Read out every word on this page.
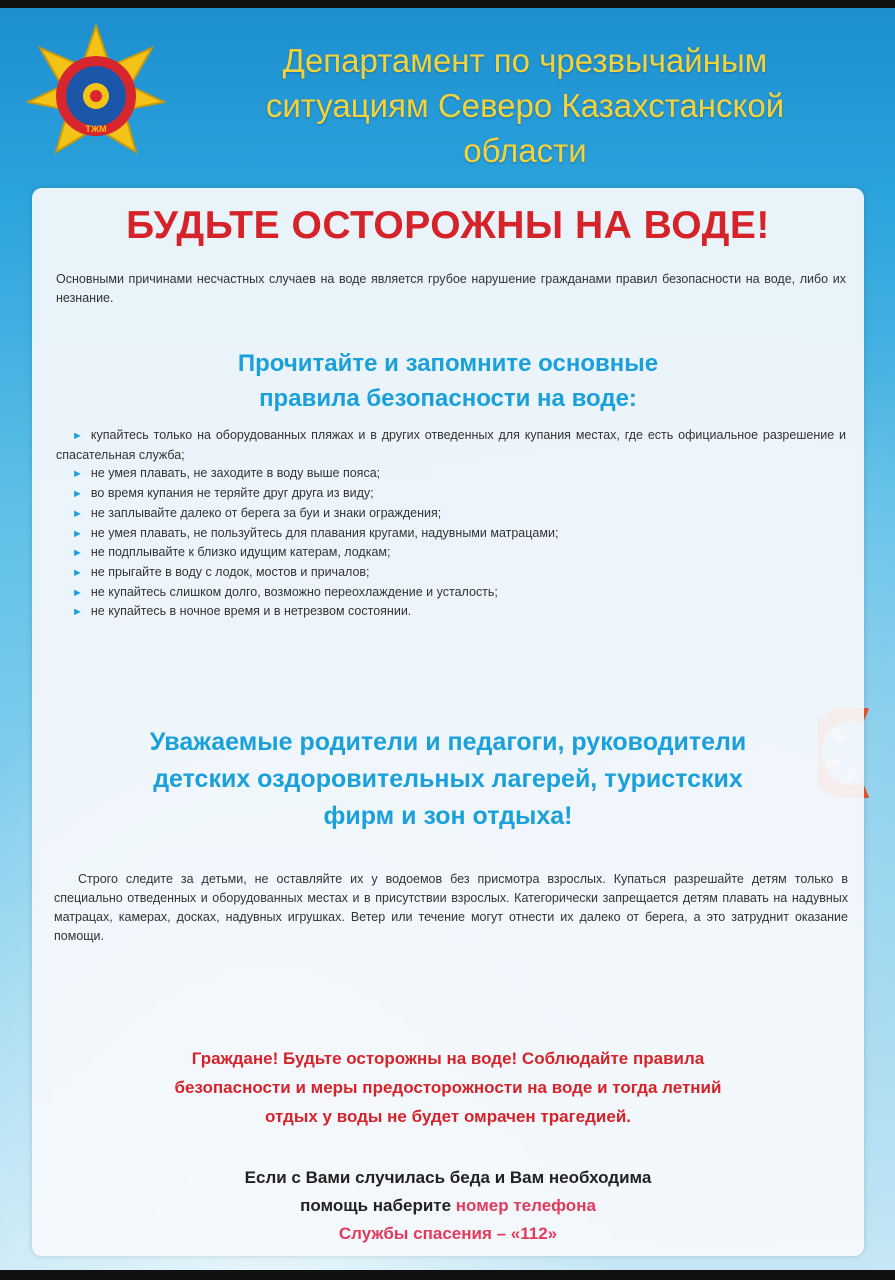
ТЖМ
Департамент по чрезвычайным
ситуациям Северо Казахстанской
области
БУДЬТЕ ОСТОРОЖНЫ НА ВОДЕ!

Основными причинами несчастных случаев на воде является грубое нарушение гражданами правил безопасности на воде, либо их незнание.

Прочитайте и запомните основные
правила безопасности на воде:
► купайтесь только на оборудованных пляжах и в других отведенных для купания местах, где есть официальное разрешение и спасательная служба;
► не умея плавать, не заходите в воду выше пояса;
► во время купания не теряйте друг друга из виду;
► не заплывайте далеко от берега за буи и знаки ограждения;
► не умея плавать, не пользуйтесь для плавания кругами, надувными матрацами;
► не подплывайте к близко идущим катерам, лодкам;
► не прыгайте в воду с лодок, мостов и причалов;
► не купайтесь слишком долго, возможно переохлаждение и усталость;
► не купайтесь в ночное время и в нетрезвом состоянии.
Уважаемые родители и педагоги, руководители
детских оздоровительных лагерей, туристских
фирм и зон отдыха!

Строго следите за детьми, не оставляйте их у водоемов без присмотра взрослых. Купаться разрешайте детям только в специально отведенных и оборудованных местах и в присутствии взрослых. Категорически запрещается детям плавать на надувных матрацах, камерах, досках, надувных игрушках. Ветер или течение могут отнести их далеко от берега, а это затруднит оказание помощи.

Граждане! Будьте осторожны на воде! Соблюдайте правила
безопасности и меры предосторожности на воде и тогда летний
отдых у воды не будет омрачен трагедией.
Если с Вами случилась беда и Вам необходима
помощь наберите номер телефона
Службы спасения – «112»
